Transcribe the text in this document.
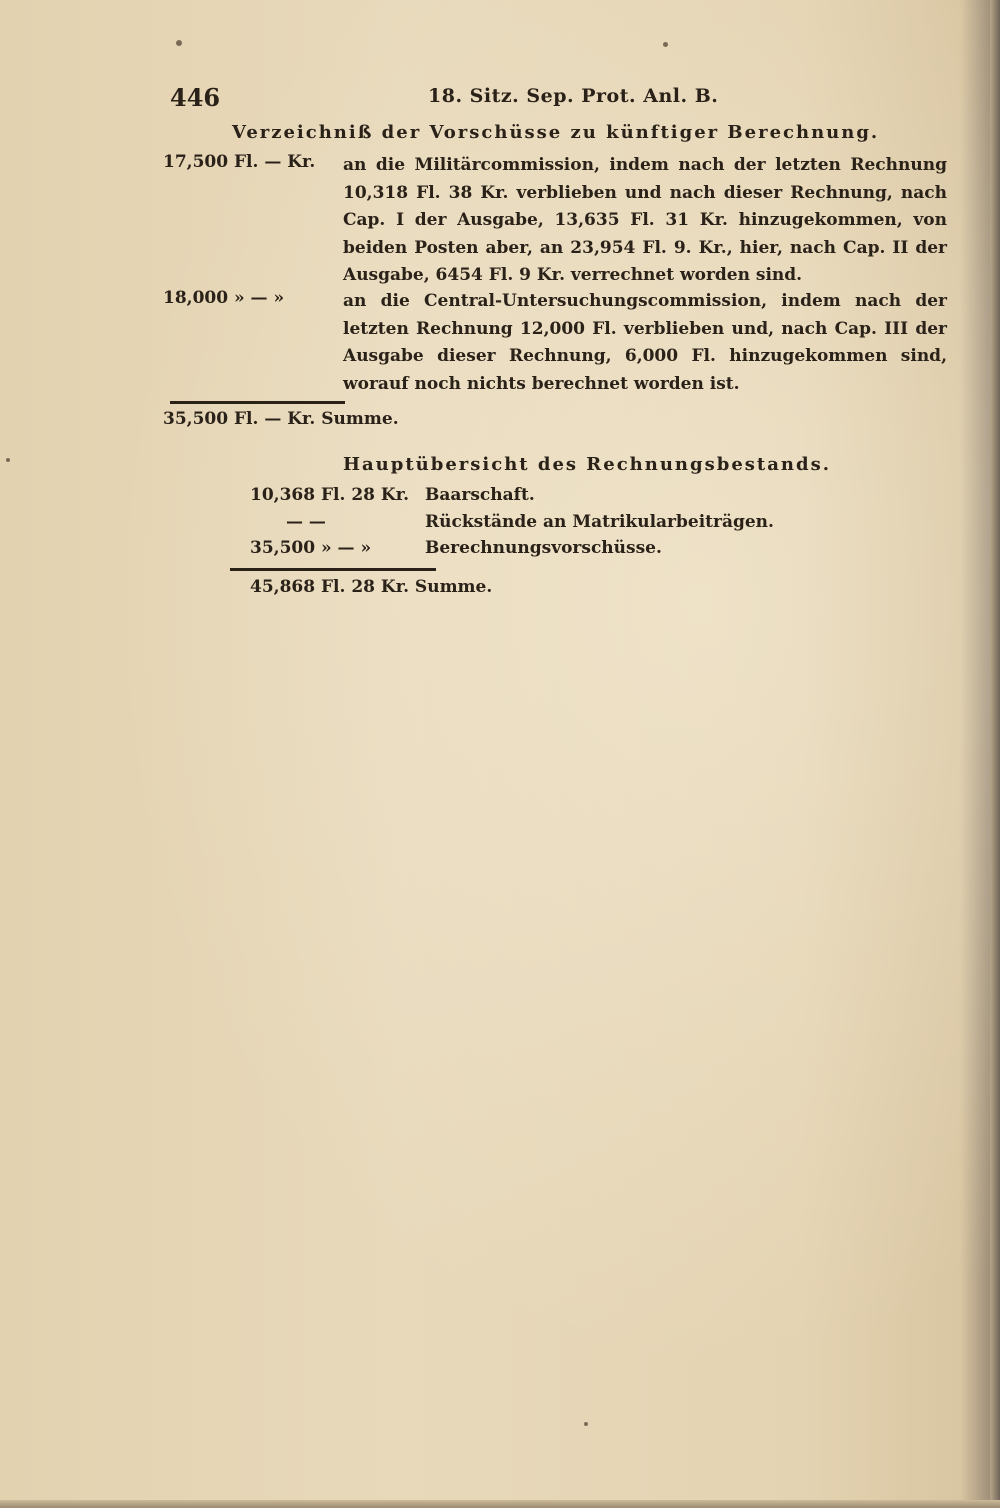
446	18. Sitz. Sep. Prot. Anl. B.
Verzeichniß der Vorschüsse zu künftiger Berechnung.
17,500 Fl. — Kr. an die Militärcommission, indem nach der letzten Rechnung 10,318 Fl. 38 Kr. verblieben und nach dieser Rechnung, nach Cap. I der Ausgabe, 13,635 Fl. 31 Kr. hinzugekommen, von beiden Posten aber, an 23,954 Fl. 9. Kr., hier, nach Cap. II der Ausgabe, 6454 Fl. 9 Kr. verrechnet worden sind.
18,000 » — »	an die Central-Untersuchungscommission, indem nach der letzten Rechnung 12,000 Fl. verblieben und, nach Cap. III der Ausgabe dieser Rechnung, 6,000 Fl. hinzugekommen sind, worauf noch nichts berechnet worden ist.
35,500 Fl. — Kr. Summe.
Hauptübersicht des Rechnungsbestands.
10,368 Fl. 28 Kr. Baarschaft.
— —	Rückstände an Matrikularbeiträgen.
35,500 » — »	Berechnungsvorschüsse.
45,868 Fl. 28 Kr. Summe.
